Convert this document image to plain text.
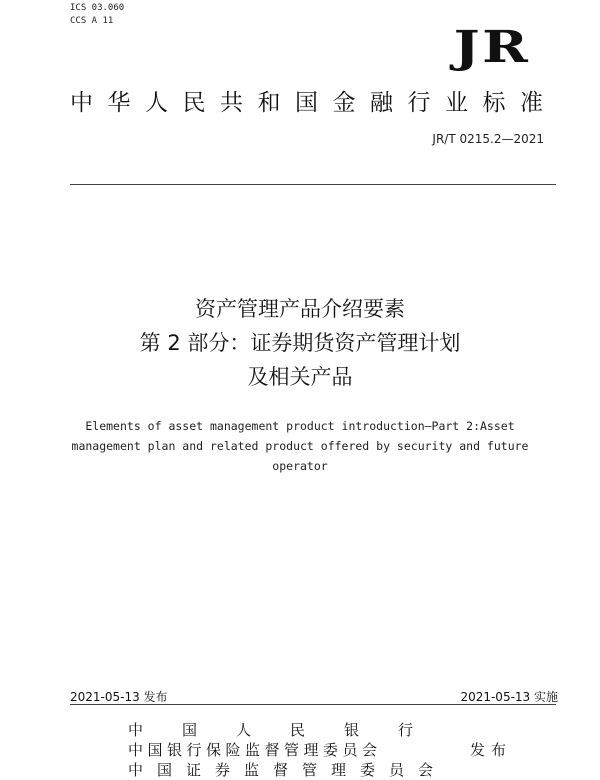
ICS 03.060
CCS A 11
JR
中华人民共和国金融行业标准
JR/T 0215.2—2021
资产管理产品介绍要素
第 2 部分：证券期货资产管理计划
及相关产品
Elements of asset management product introduction—Part 2:Asset
management plan and related product offered by security and future
operator
2021-05-13 发布	2021-05-13 实施
中国人民银行
中国银行保险监督管理委员会
中国证券监督管理委员会
发布
